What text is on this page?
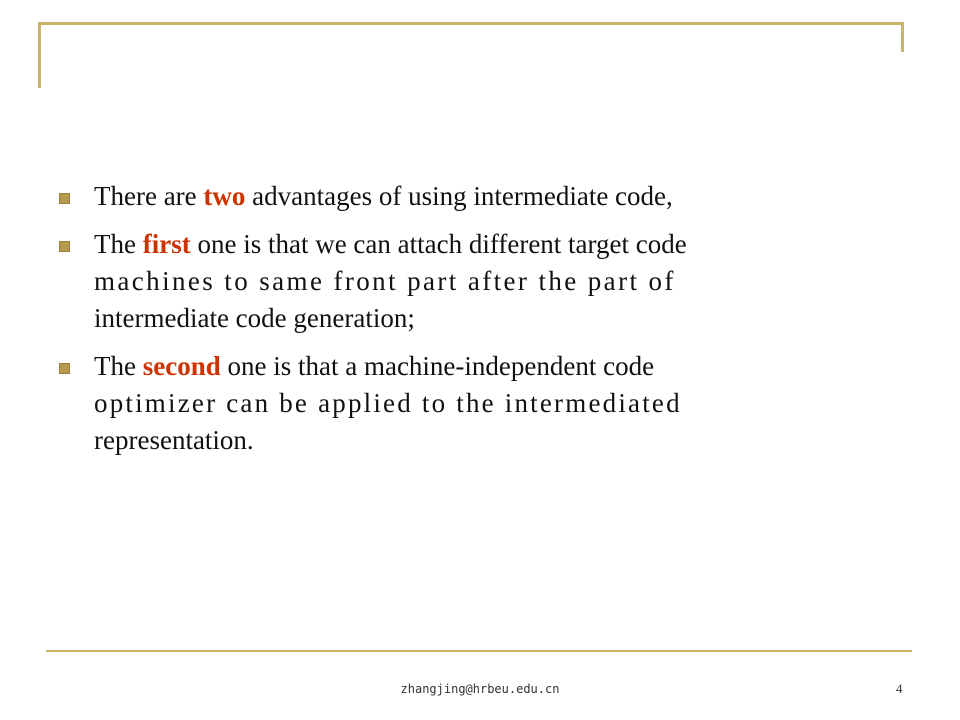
There are two advantages of using intermediate code,
The first one is that we can attach different target code
machines to same front part after the part of
intermediate code generation;
The second one is that a machine-independent code
optimizer can be applied to the intermediated
representation.
zhangjing@hrbeu.edu.cn	4
